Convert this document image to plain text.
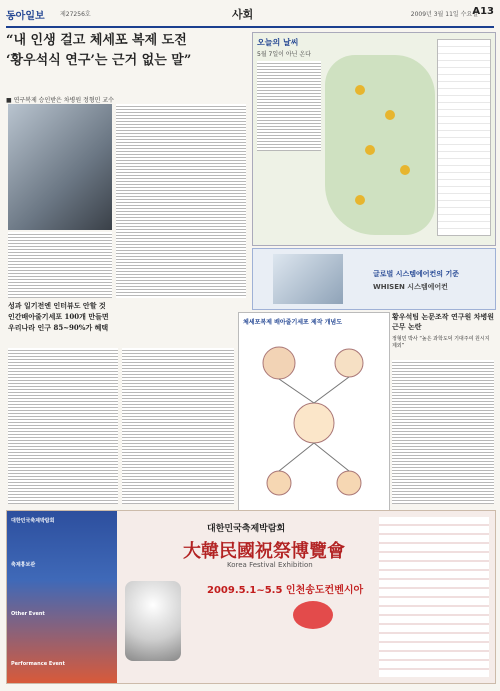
동아일보	제27256호	사회	2009년 3월 11일 수요일
A13
“내 인생 걸고 체세포 복제 도전
‘황우석식 연구’는 근거 없는 말”
■ 연구복제 승인받은 차병원 정형민 교수
오늘의 날씨
5월 7일이 아닌 온다
글로벌 시스템에어컨의 기준
WHISEN 시스템에어컨
성과 일기전엔 인터뷰도 안할 것
인간배아줄기세포 100개 만들면
우리나라 인구 85~90%가 혜택
체세포복제 배아줄기세포 제작 개념도
황우석팀 논문조작 연구원 차병원 근무 논란
정형민 박사 “높은 과학도덕 기대주여 원시지 제외”
대한민국축제박람회
축제홍보관
Other Event
Performance Event
대한민국축제박람회
大韓民國祝祭博覽會
Korea Festival Exhibition
2009.5.1~5.5 인천송도컨벤시아
